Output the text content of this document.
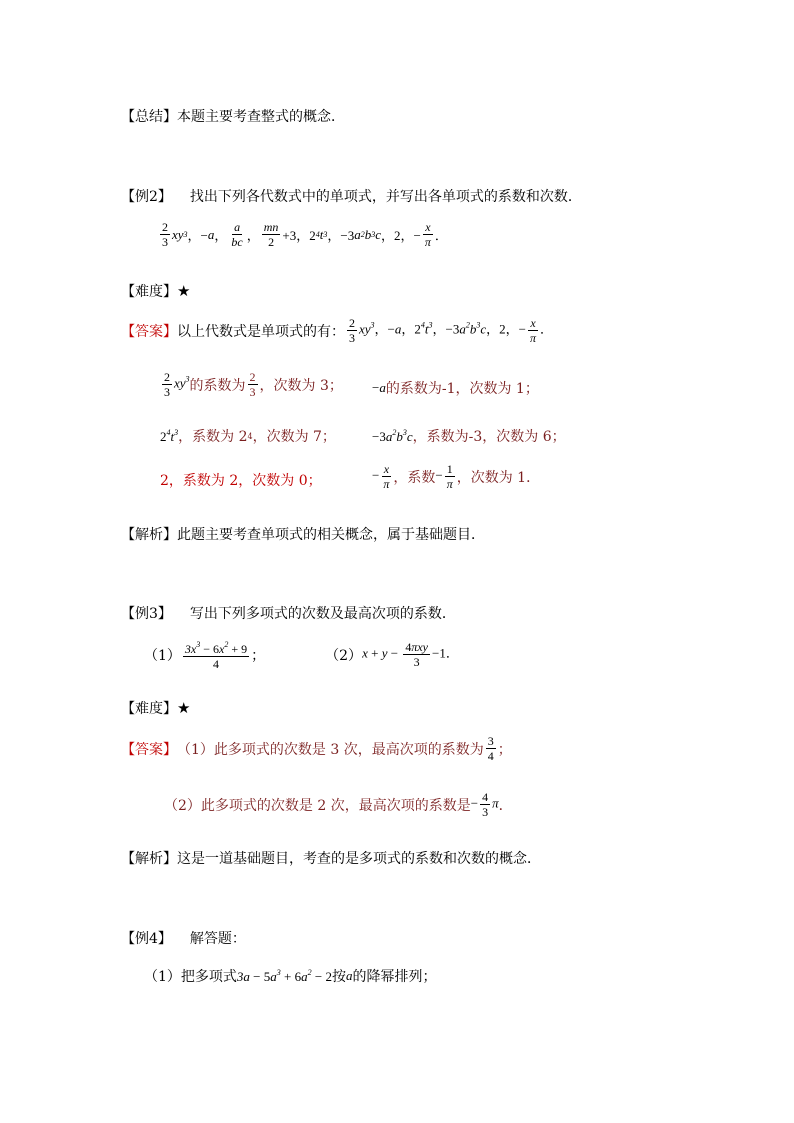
【总结】 本题主要考查整式的概念．
【例2】 找出下列各代数式中的单项式，并写出各单项式的系数和次数．
$\frac{2}{3}$ xy 3 ，− a ， $\frac{a}{bc}$ ， $\frac{mn}{2} +3$，2 4 t 3 ，−3 a 2 b 3 c ，2，− $\frac{x}{\pi}$ ．
【难度】 ★
【答案】 以上代数式是单项式的有： $\frac{2}{3} xy^3$，−a，$2^4t^3$，$-3a^2b^3c$，2，− $\frac{x}{\pi}$ ．
$\frac{2}{3} xy^3$ 的系数为 $\frac{2}{3}$ ，次数为 3； −a 的系数为-1，次数为 1；
$2^4t^3$ ，系数为 2 4 ，次数为 7；	$-3a^2b^3c$ ，系数为-3，次数为 6；
2，系数为 2，次数为 0；	− $\frac{x}{\pi}$ ，系数 − $\frac{1}{\pi}$ ，次数为 1．
【解析】 此题主要考查单项式的相关概念，属于基础题目．
【例3】 写出下列多项式的次数及最高次项的系数．
$(1) \frac{3x^3 - 6x^2 + 9}{4}$ ；	（2） $x + y - \frac{\text{4πxy}}{3} -1$．
【难度】 ★
【答案】 （1）此多项式的次数是 3 次，最高次项的系数为 $\frac{3}{4}$ ；
（2）此多项式的次数是 2 次，最高次项的系数是 − $\frac{4}{3}$ π ．
【解析】 这是一道基础题目，考查的是多项式的系数和次数的概念．
【例4】 解答题：
（1）把多项式 $3a - 5a^3 + 6a^2 - 2$ 按 a 的降幂排列；
